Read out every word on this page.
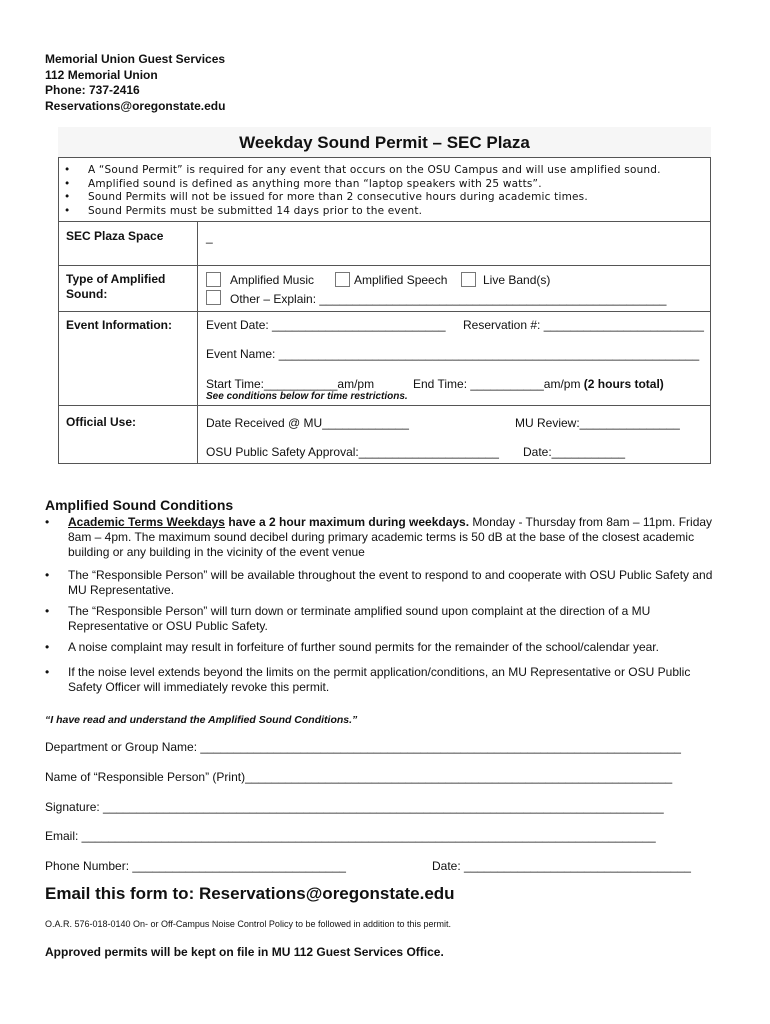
Memorial Union Guest Services
112 Memorial Union
Phone: 737-2416
Reservations@oregonstate.edu
Weekday Sound Permit – SEC Plaza
•	A “Sound Permit” is required for any event that occurs on the OSU Campus and will use amplified sound.
•	Amplified sound is defined as anything more than “laptop speakers with 25 watts”.
•	Sound Permits will not be issued for more than 2 consecutive hours during academic times.
•	Sound Permits must be submitted 14 days prior to the event.
SEC Plaza Space	_
Type of Amplified Sound:
Amplified Music	Amplified Speech	Live Band(s)
Other – Explain: ____________________________________________________
Event Information:	Event Date: __________________________ Reservation #: ________________________
Event Name: _______________________________________________________________
Start Time:___________am/pm	End Time: ___________am/pm (2 hours total)
See conditions below for time restrictions.
Official Use:	Date Received @ MU_____________	MU Review:_______________
OSU Public Safety Approval:_____________________ Date:___________
Amplified Sound Conditions
•	Academic Terms Weekdays have a 2 hour maximum during weekdays. Monday - Thursday from 8am – 11pm. Friday 8am – 4pm. The maximum sound decibel during primary academic terms is 50 dB at the base of the closest academic building or any building in the vicinity of the event venue
•	The “Responsible Person” will be available throughout the event to respond to and cooperate with OSU Public Safety and MU Representative.
•	The “Responsible Person” will turn down or terminate amplified sound upon complaint at the direction of a MU Representative or OSU Public Safety.
•	A noise complaint may result in forfeiture of further sound permits for the remainder of the school/calendar year.
•	If the noise level extends beyond the limits on the permit application/conditions, an MU Representative or OSU Public Safety Officer will immediately revoke this permit.
“I have read and understand the Amplified Sound Conditions.”
Department or Group Name: ________________________________________________________________________
Name of “Responsible Person” (Print)________________________________________________________________
Signature: ____________________________________________________________________________________
Email: ______________________________________________________________________________________
Phone Number: ________________________________	Date: __________________________________
Email this form to: Reservations@oregonstate.edu
O.A.R. 576-018-0140 On- or Off-Campus Noise Control Policy to be followed in addition to this permit.
Approved permits will be kept on file in MU 112 Guest Services Office.
